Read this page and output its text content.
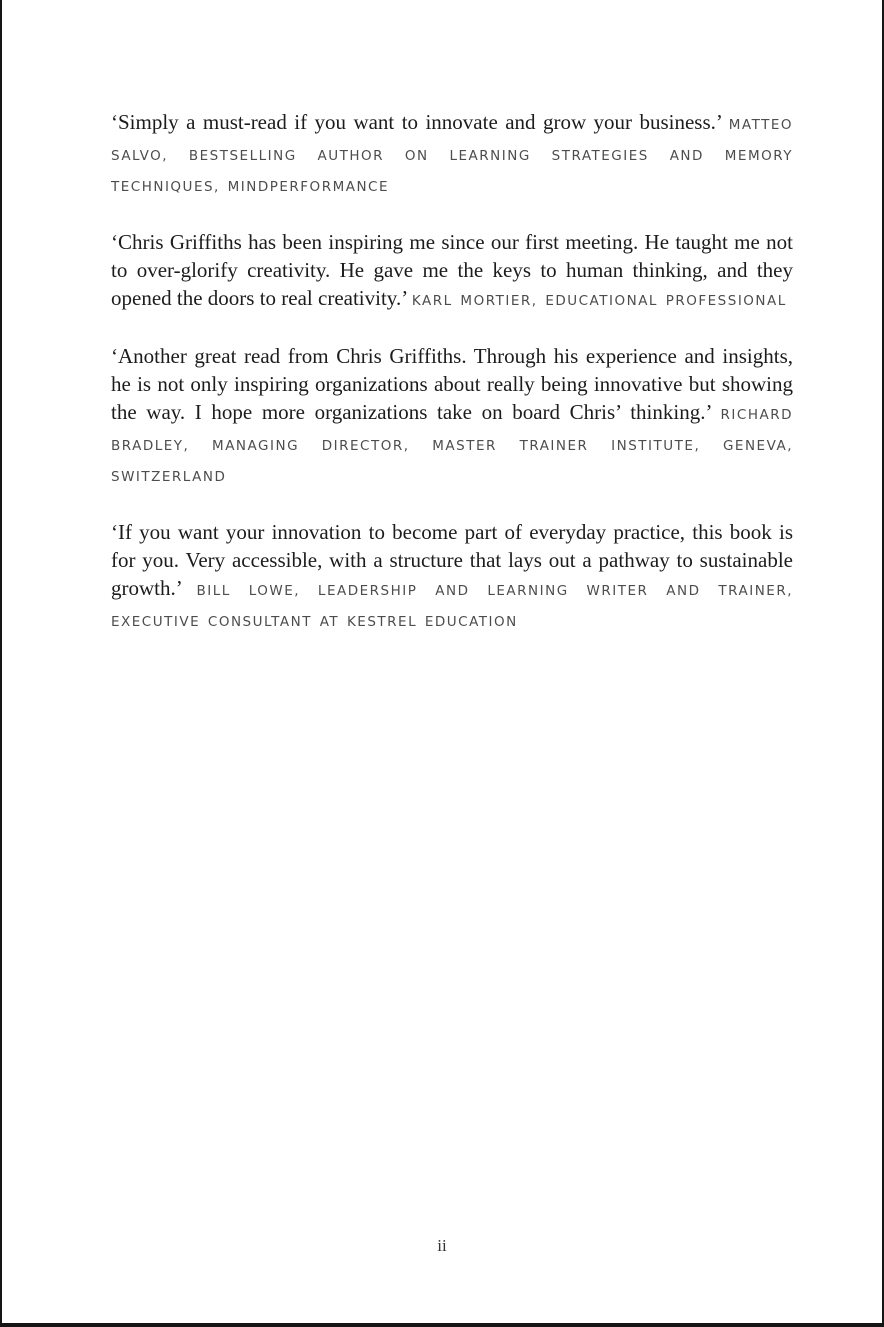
‘Simply a must-read if you want to innovate and grow your business.’ MATTEO SALVO, BESTSELLING AUTHOR ON LEARNING STRATEGIES AND MEMORY TECHNIQUES, MINDPERFORMANCE

‘Chris Griffiths has been inspiring me since our first meeting. He taught me not to over-glorify creativity. He gave me the keys to human thinking, and they opened the doors to real creativity.’ KARL MORTIER, EDUCATIONAL PROFESSIONAL

‘Another great read from Chris Griffiths. Through his experience and insights, he is not only inspiring organizations about really being innovative but showing the way. I hope more organizations take on board Chris’ thinking.’ RICHARD BRADLEY, MANAGING DIRECTOR, MASTER TRAINER INSTITUTE, GENEVA, SWITZERLAND

‘If you want your innovation to become part of everyday practice, this book is for you. Very accessible, with a structure that lays out a pathway to sustainable growth.’ BILL LOWE, LEADERSHIP AND LEARNING WRITER AND TRAINER, EXECUTIVE CONSULTANT AT KESTREL EDUCATION

ii
